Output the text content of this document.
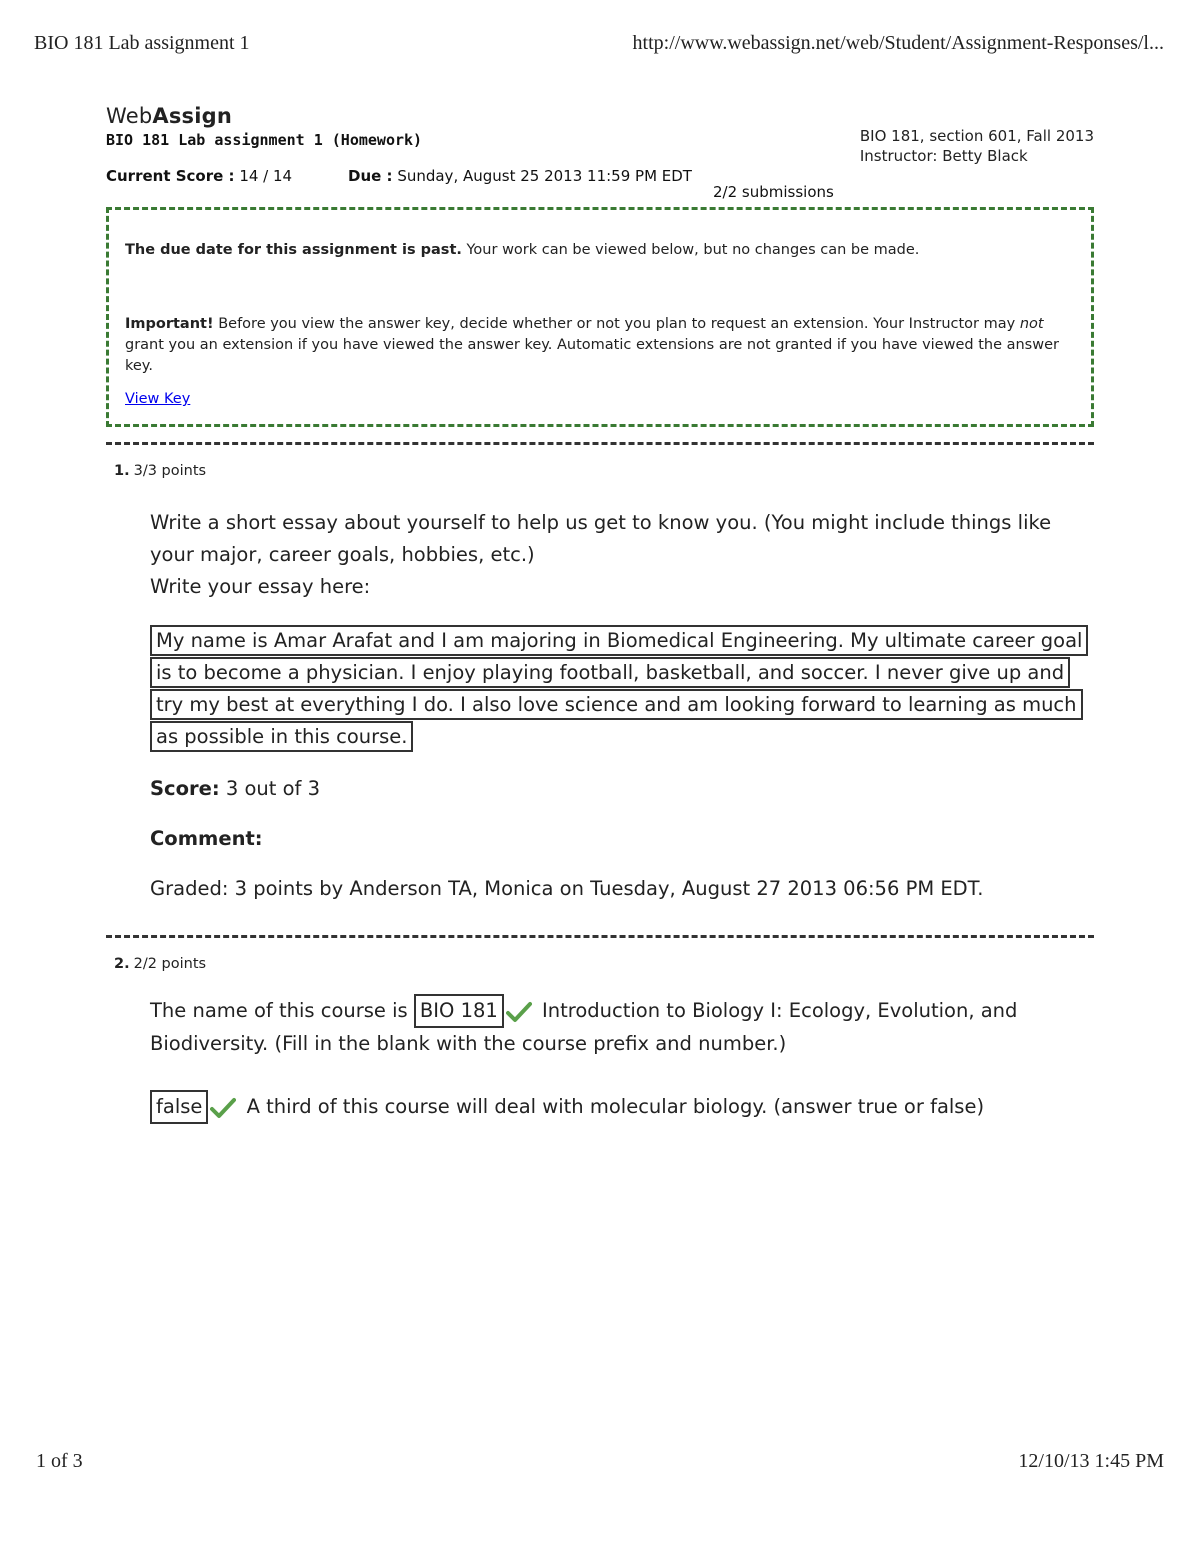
BIO 181 Lab assignment 1	http://www.webassign.net/web/Student/Assignment-Responses/l...
WebAssign
BIO 181 Lab assignment 1 (Homework)	BIO 181, section 601, Fall 2013
Instructor: Betty Black
Current Score : 14 / 14	Due : Sunday, August 25 2013 11:59 PM EDT
2/2 submissions

The due date for this assignment is past. Your work can be viewed below, but no changes can be made.

Important! Before you view the answer key, decide whether or not you plan to request an extension. Your Instructor may not grant you an extension if you have viewed the answer key. Automatic extensions are not granted if you have viewed the answer key.

View Key
1. 3/3 points
Write a short essay about yourself to help us get to know you. (You might include things like your major, career goals, hobbies, etc.)
Write your essay here:
My name is Amar Arafat and I am majoring in Biomedical Engineering. My ultimate career goal is to become a physician. I enjoy playing football, basketball, and soccer. I never give up and try my best at everything I do. I also love science and am looking forward to learning as much as possible in this course.
Score: 3 out of 3
Comment:
Graded: 3 points by Anderson TA, Monica on Tuesday, August 27 2013 06:56 PM EDT.
2. 2/2 points
The name of this course is BIO 181 Introduction to Biology I: Ecology, Evolution, and Biodiversity. (Fill in the blank with the course prefix and number.)
false A third of this course will deal with molecular biology. (answer true or false)
1 of 3	12/10/13 1:45 PM
